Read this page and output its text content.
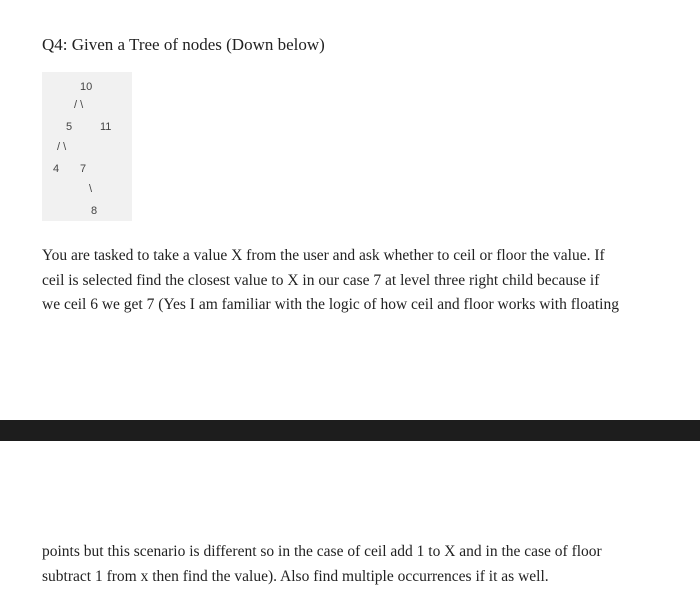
Q4: Given a Tree of nodes (Down below)
10
/ \
5	11
/ \
4 7
\
8
You are tasked to take a value X from the user and ask whether to ceil or floor the value. If
ceil is selected find the closest value to X in our case 7 at level three right child because if
we ceil 6 we get 7 (Yes I am familiar with the logic of how ceil and floor works with floating
points but this scenario is different so in the case of ceil add 1 to X and in the case of floor
subtract 1 from x then find the value). Also find multiple occurrences if it as well.
